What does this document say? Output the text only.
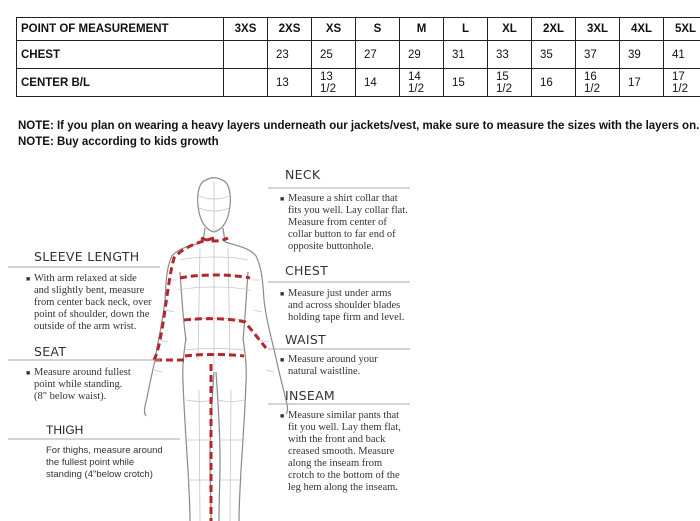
POINT OF MEASUREMENT	3XS	2XS	XS	S	M	L	XL	2XL	3XL	4XL	5XL
CHEST		23	25	27	29	31	33	35	37	39	41
CENTER B/L		13	13 1/2	14	14 1/2	15	15 1/2	16	16 1/2	17	17 1/2
NOTE: If you plan on wearing a heavy layers underneath our jackets/vest, make sure to measure the sizes with the layers on.
NOTE: Buy according to kids growth
NECK
■ Measure a shirt collar that
fits you well. Lay collar flat.
Measure from center of
collar button to far end of
opposite buttonhole.
CHEST
■ Measure just under arms
and across shoulder blades
holding tape firm and level.
WAIST
■ Measure around your
natural waistline.
INSEAM
■ Measure similar pants that
fit you well. Lay them flat,
with the front and back
creased smooth. Measure
along the inseam from
crotch to the bottom of the
leg hem along the inseam.
SLEEVE LENGTH
■ With arm relaxed at side
and slightly bent, measure
from center back neck, over
point of shoulder, down the
outside of the arm wrist.
SEAT
■ Measure around fullest
point while standing.
(8" below waist).
THIGH
For thighs, measure around
the fullest point while
standing (4"below crotch)
